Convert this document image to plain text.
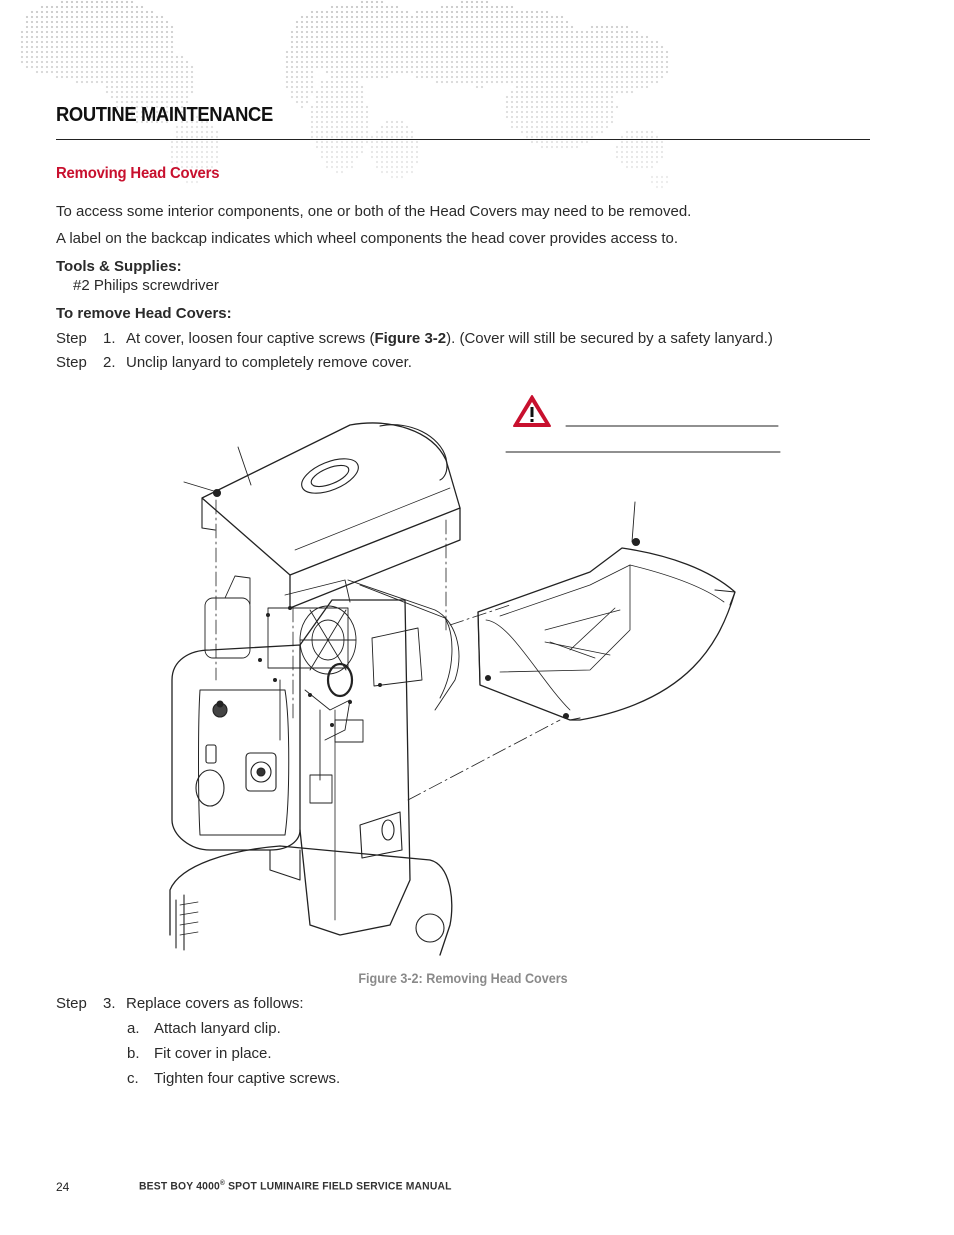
ROUTINE MAINTENANCE
Removing Head Covers
To access some interior components, one or both of the Head Covers may need to be removed.
A label on the backcap indicates which wheel components the head cover provides access to.
Tools & Supplies:
#2 Philips screwdriver
To remove Head Covers:
Step 1. At cover, loosen four captive screws (Figure 3-2). (Cover will still be secured by a safety lanyard.)
Step 2. Unclip lanyard to completely remove cover.
Figure 3-2: Removing Head Covers
Step 3. Replace covers as follows:
a. Attach lanyard clip.
b. Fit cover in place.
c. Tighten four captive screws.
24	BEST BOY 4000® SPOT LUMINAIRE FIELD SERVICE MANUAL
